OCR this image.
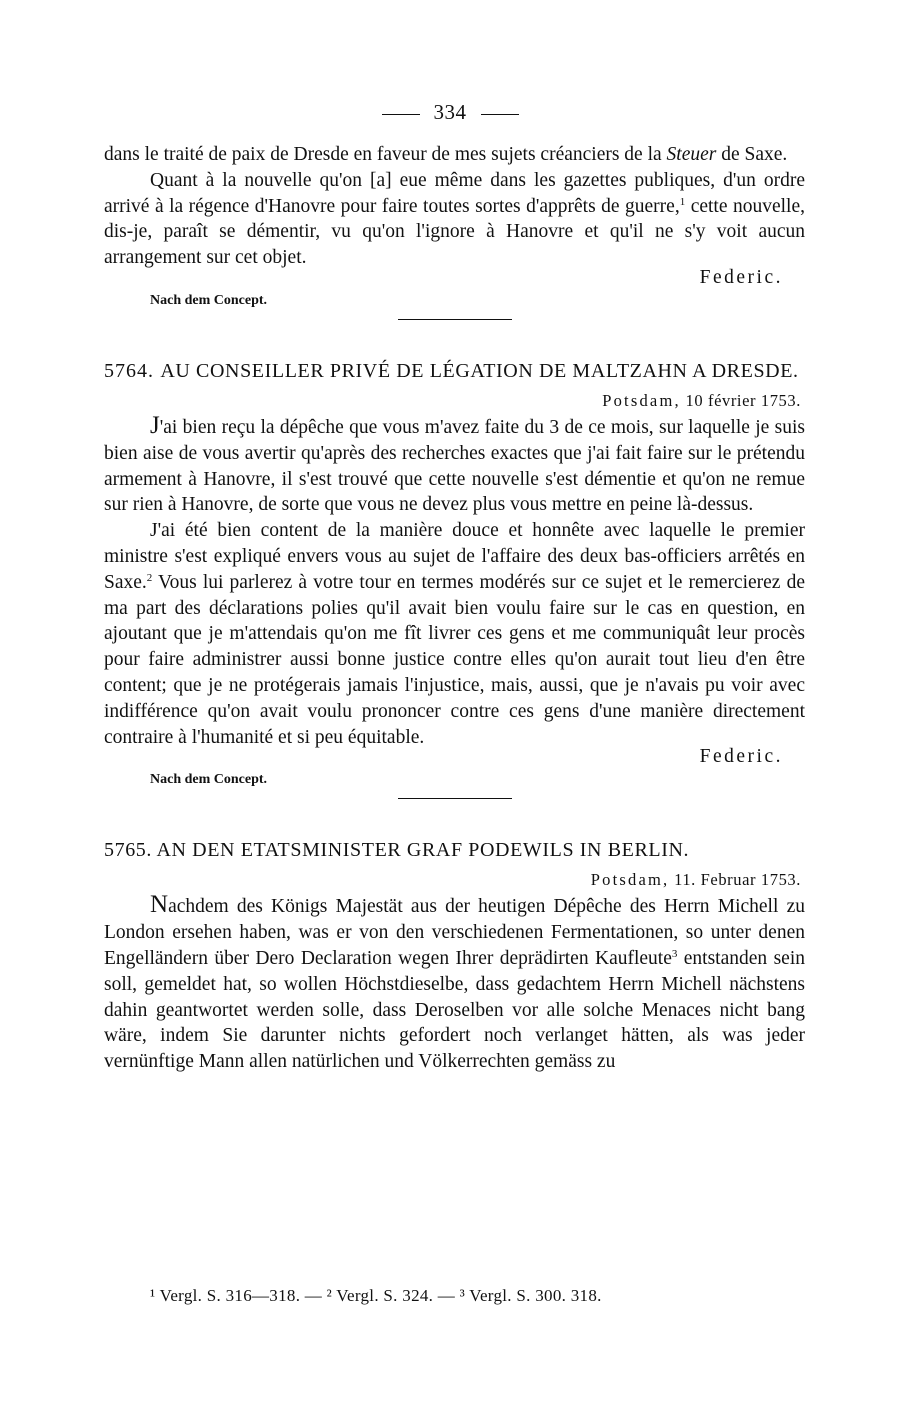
334

dans le traité de paix de Dresde en faveur de mes sujets créanciers de la Steuer de Saxe.

Quant à la nouvelle qu'on [a] eue même dans les gazettes publiques, d'un ordre arrivé à la régence d'Hanovre pour faire toutes sortes d'apprêts de guerre,$^1$ cette nouvelle, dis-je, paraît se démentir, vu qu'on l'ignore à Hanovre et qu'il ne s'y voit aucun arrangement sur cet objet.

Federic.
Nach dem Concept.
5764. AU CONSEILLER PRIVÉ DE LÉGATION DE MALTZAHN A DRESDE.
Potsdam, 10 février 1753.

J'ai bien reçu la dépêche que vous m'avez faite du 3 de ce mois, sur laquelle je suis bien aise de vous avertir qu'après des recherches exactes que j'ai fait faire sur le prétendu armement à Hanovre, il s'est trouvé que cette nouvelle s'est démentie et qu'on ne remue sur rien à Hanovre, de sorte que vous ne devez plus vous mettre en peine là-dessus.

J'ai été bien content de la manière douce et honnête avec laquelle le premier ministre s'est expliqué envers vous au sujet de l'affaire des deux bas-officiers arrêtés en Saxe.$^2$ Vous lui parlerez à votre tour en termes modérés sur ce sujet et le remercierez de ma part des déclarations polies qu'il avait bien voulu faire sur le cas en question, en ajoutant que je m'attendais qu'on me fît livrer ces gens et me communiquât leur procès pour faire administrer aussi bonne justice contre elles qu'on aurait tout lieu d'en être content; que je ne protégerais jamais l'injustice, mais, aussi, que je n'avais pu voir avec indifférence qu'on avait voulu prononcer contre ces gens d'une manière directement contraire à l'humanité et si peu équitable.

Federic.
Nach dem Concept.
5765. AN DEN ETATSMINISTER GRAF PODEWILS IN BERLIN.
Potsdam, 11. Februar 1753.

Nachdem des Königs Majestät aus der heutigen Dépêche des Herrn Michell zu London ersehen haben, was er von den verschiedenen Fermentationen, so unter denen Engelländern über Dero Declaration wegen Ihrer deprädirten Kaufleute$^3$ entstanden sein soll, gemeldet hat, so wollen Höchstdieselbe, dass gedachtem Herrn Michell nächstens dahin geantwortet werden solle, dass Deroselben vor alle solche Menaces nicht bang wäre, indem Sie darunter nichts gefordert noch verlanget hätten, als was jeder vernünftige Mann allen natürlichen und Völkerrechten gemäss zu

¹ Vergl. S. 316—318. — ² Vergl. S. 324. — ³ Vergl. S. 300. 318.
